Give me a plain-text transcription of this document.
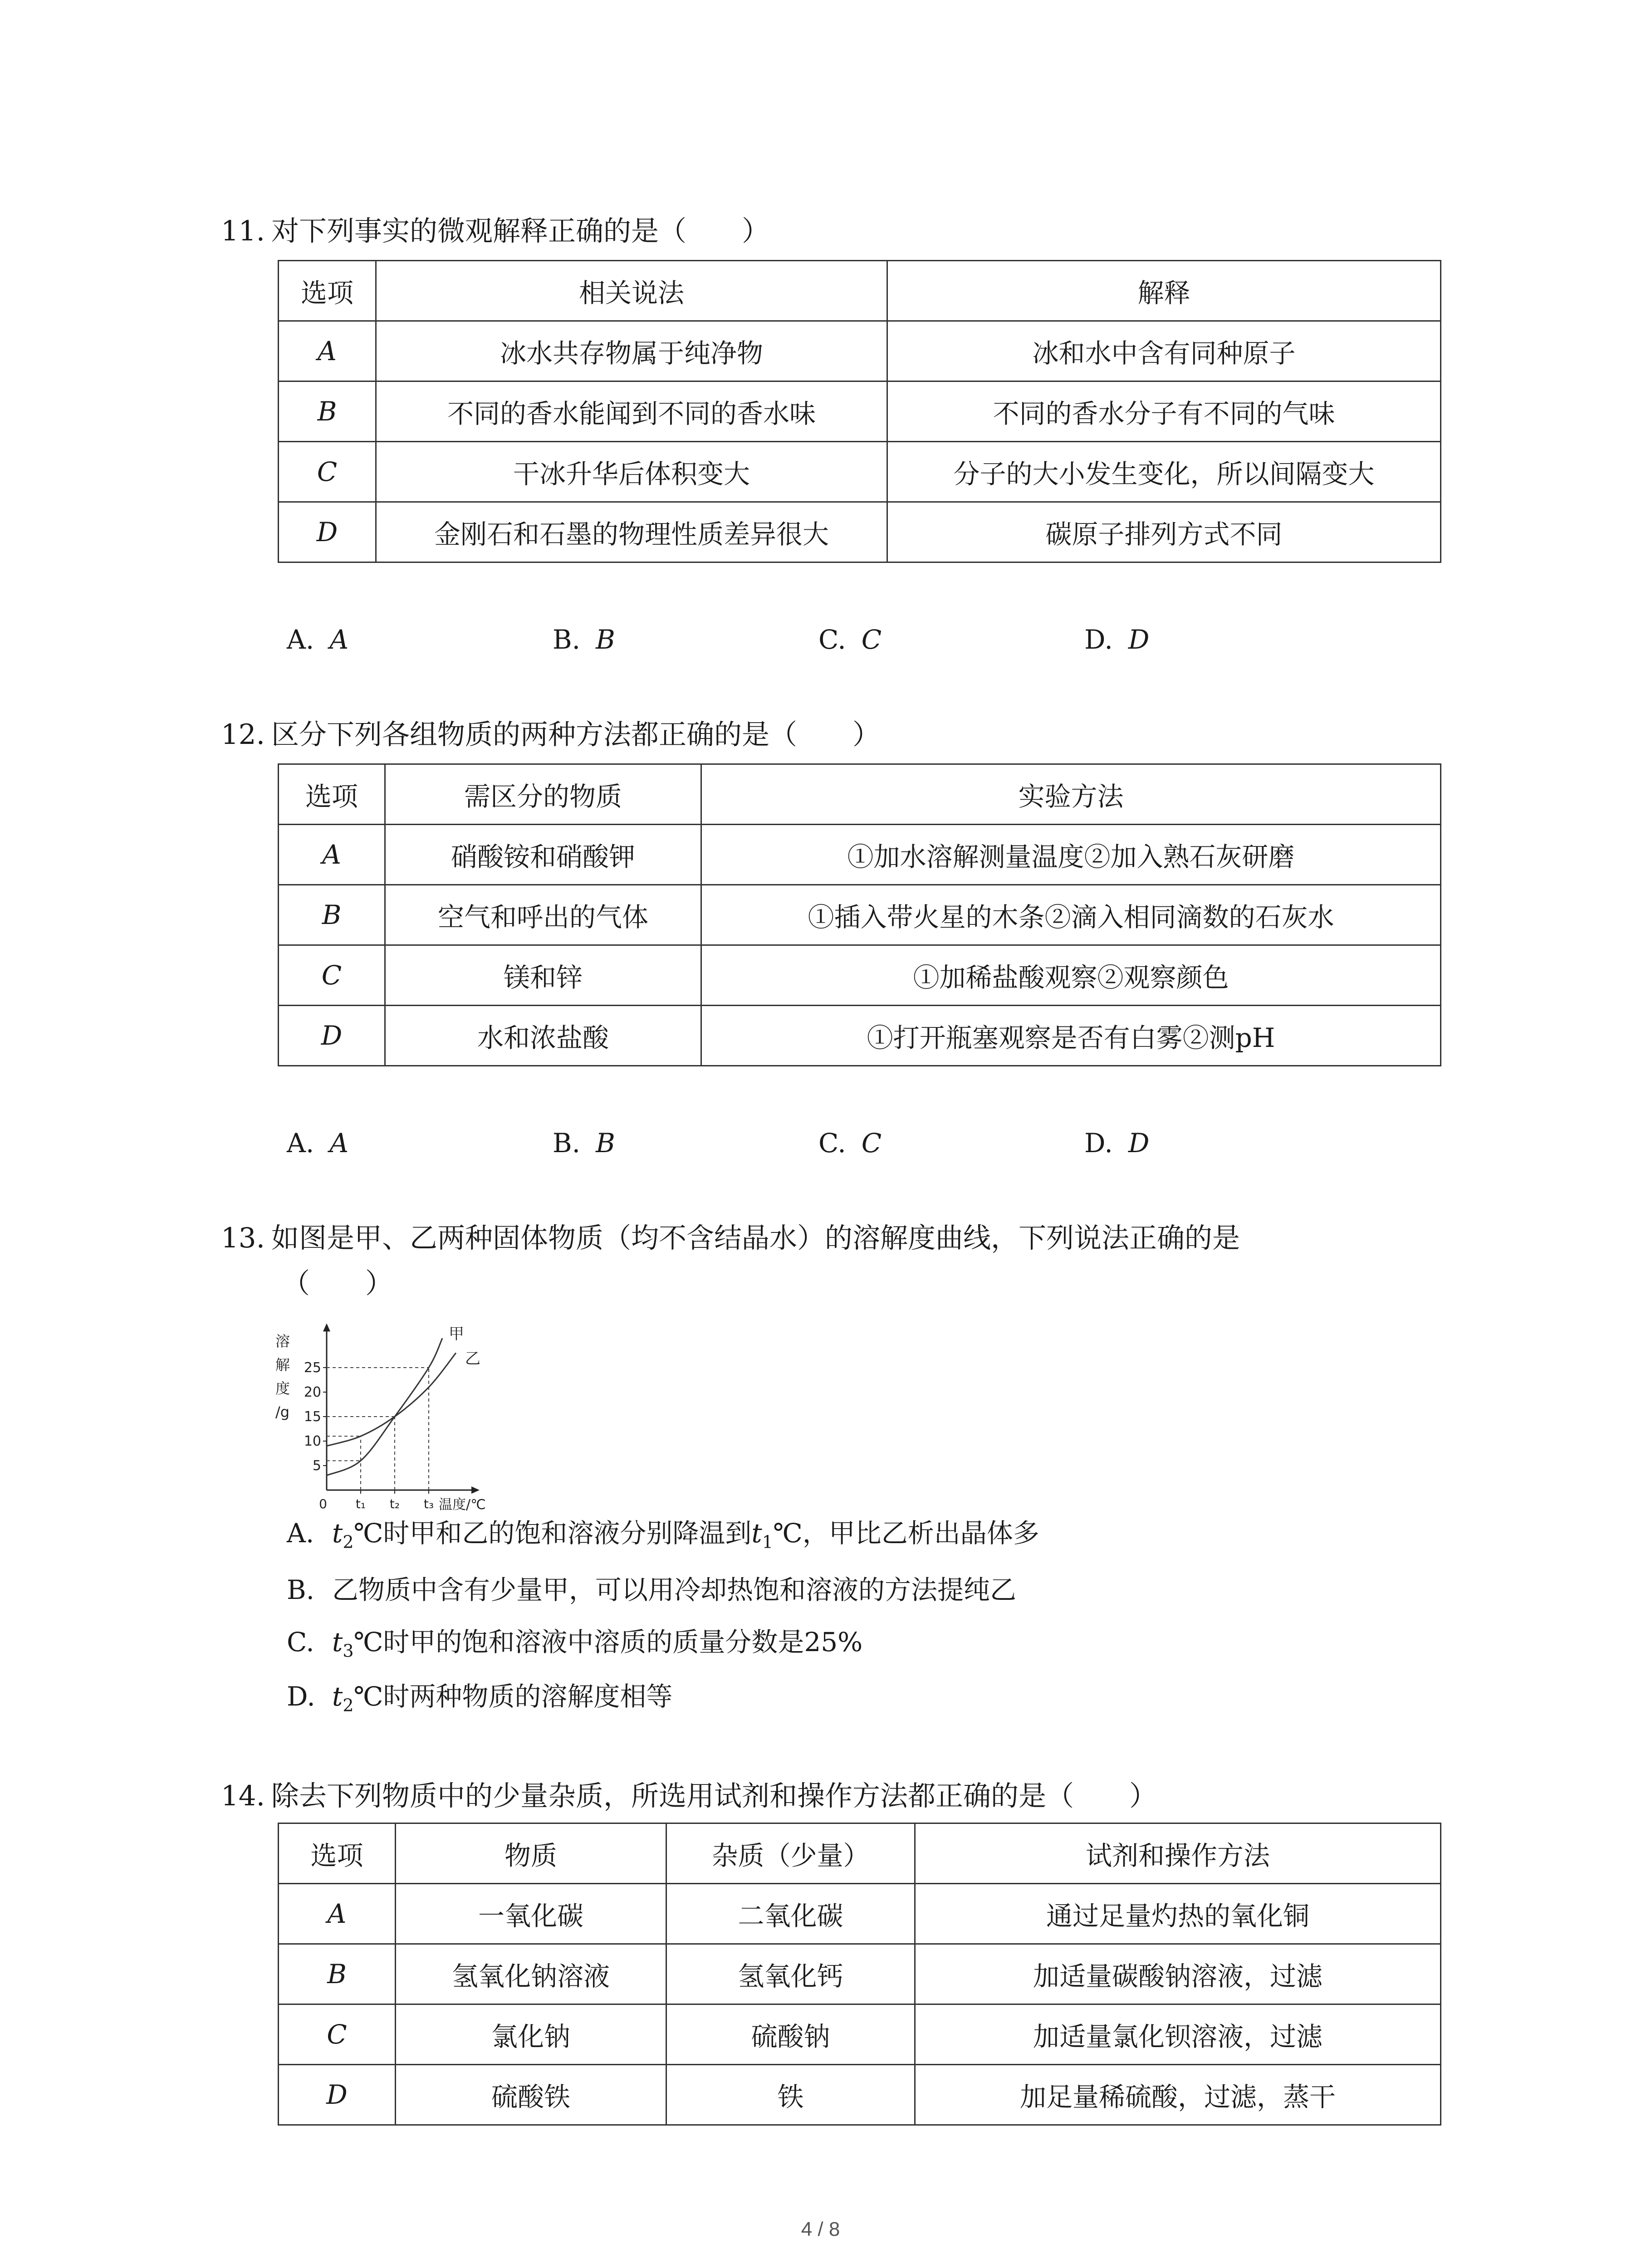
11. 对下列事实的微观解释正确的是（　　）
选项	相关说法	解释
A	冰水共存物属于纯净物	冰和水中含有同种原子
B	不同的香水能闻到不同的香水味	不同的香水分子有不同的气味
C	干冰升华后体积变大	分子的大小发生变化，所以间隔变大
D	金刚石和石墨的物理性质差异很大	碳原子排列方式不同
A. A	B. B	C. C	D. D
12. 区分下列各组物质的两种方法都正确的是（　　）
选项	需区分的物质	实验方法
A	硝酸铵和硝酸钾	①加水溶解测量温度②加入熟石灰研磨
B	空气和呼出的气体	①插入带火星的木条②滴入相同滴数的石灰水
C	镁和锌	①加稀盐酸观察②观察颜色
D	水和浓盐酸	①打开瓶塞观察是否有白雾②测pH
A. A	B. B	C. C	D. D
13. 如图是甲、乙两种固体物质（均不含结晶水）的溶解度曲线，下列说法正确的是
（　　）
5
10
15
20
25
0 t₁ t₂ t₃
甲
乙
溶
解
度
/g
温度/℃
A. $t_2℃$时甲和乙的饱和溶液分别降温到$t_1℃$，甲比乙析出晶体多
B. 乙物质中含有少量甲，可以用冷却热饱和溶液的方法提纯乙
C. $t_3℃$时甲的饱和溶液中溶质的质量分数是25%
D. $t_2℃$时两种物质的溶解度相等
14. 除去下列物质中的少量杂质，所选用试剂和操作方法都正确的是（　　）
选项	物质	杂质（少量）	试剂和操作方法
A	一氧化碳	二氧化碳	通过足量灼热的氧化铜
B	氢氧化钠溶液	氢氧化钙	加适量碳酸钠溶液，过滤
C	氯化钠	硫酸钠	加适量氯化钡溶液，过滤
D	硫酸铁	铁	加足量稀硫酸，过滤，蒸干
4 / 8
